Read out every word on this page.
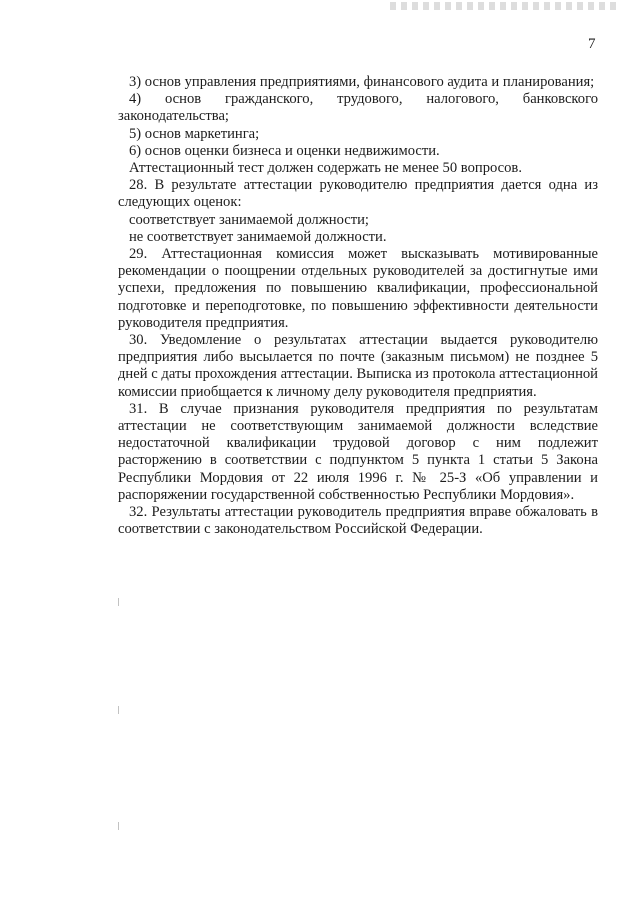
7

3) основ управления предприятиями, финансового аудита и планирования;

4) основ гражданского, трудового, налогового, банковского законодательства;

5) основ маркетинга;

6) основ оценки бизнеса и оценки недвижимости.

Аттестационный тест должен содержать не менее 50 вопросов.

28. В результате аттестации руководителю предприятия дается одна из следующих оценок:

соответствует занимаемой должности;

не соответствует занимаемой должности.

29. Аттестационная комиссия может высказывать мотивированные рекомендации о поощрении отдельных руководителей за достигнутые ими успехи, предложения по повышению квалификации, профессиональной подготовке и переподготовке, по повышению эффективности деятельности руководителя предприятия.

30. Уведомление о результатах аттестации выдается руководителю предприятия либо высылается по почте (заказным письмом) не позднее 5 дней с даты прохождения аттестации. Выписка из протокола аттестационной комиссии приобщается к личному делу руководителя предприятия.

31. В случае признания руководителя предприятия по результатам аттестации не соответствующим занимаемой должности вследствие недостаточной квалификации трудовой договор с ним подлежит расторжению в соответствии с подпунктом 5 пункта 1 статьи 5 Закона Республики Мордовия от 22 июля 1996 г. № 25-З «Об управлении и распоряжении государственной собственностью Республики Мордовия».

32. Результаты аттестации руководитель предприятия вправе обжаловать в соответствии с законодательством Российской Федерации.
